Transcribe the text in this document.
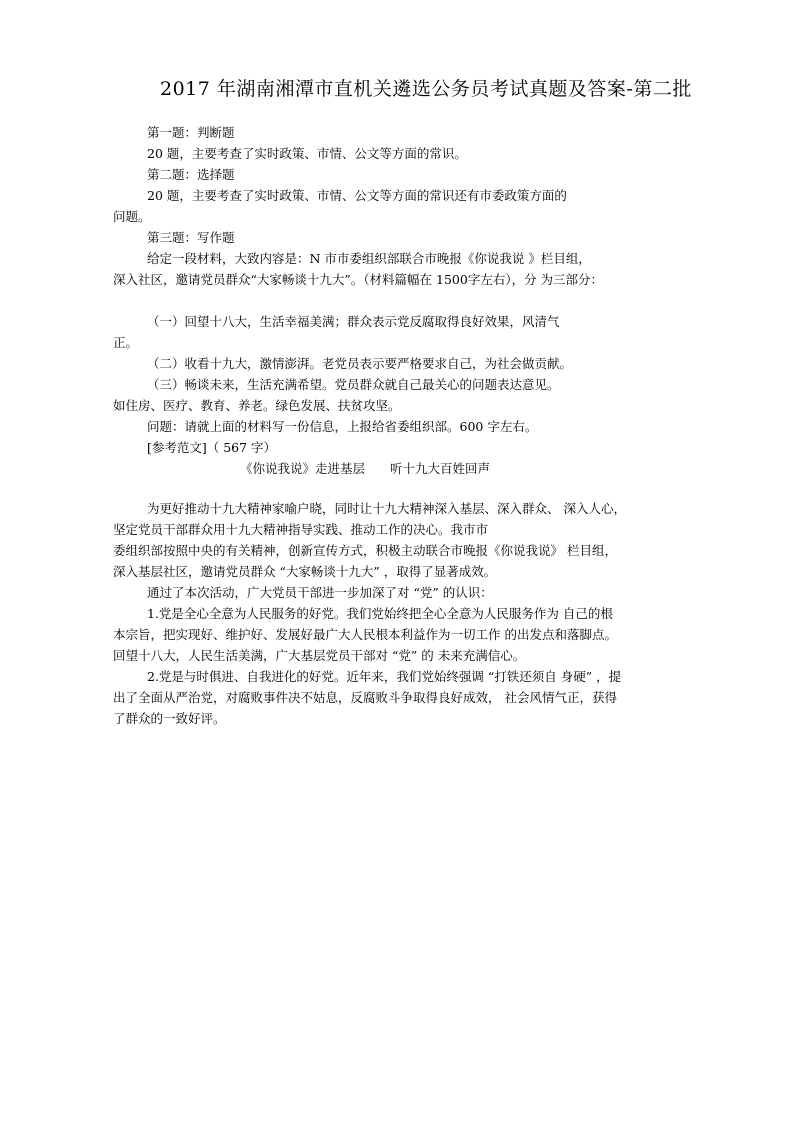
2017 年湖南湘潭市直机关遴选公务员考试真题及答案-第二批

第一题：判断题

20 题，主要考查了实时政策、市情、公文等方面的常识。

第二题：选择题

20 题，主要考查了实时政策、市情、公文等方面的常识还有市委政策方面的

问题。

第三题：写作题

给定一段材料，大致内容是：N 市市委组织部联合市晚报《你说我说 》栏目组，

深入社区，邀请党员群众“大家畅谈十九大”。（材料篇幅在 1500字左右），分 为三部分：

（一）回望十八大，生活幸福美满；群众表示党反腐取得良好效果，风清气

正。

（二）收看十九大，激情澎湃。老党员表示要严格要求自己，为社会做贡献。

（三）畅谈未来，生活充满希望。党员群众就自己最关心的问题表达意见。

如住房、医疗、教育、养老。绿色发展、扶贫攻坚。

问题：请就上面的材料写一份信息，上报给省委组织部。600 字左右。

[参考范文]（ 567 字）

《你说我说》走进基层　　听十九大百姓回声

为更好推动十九大精神家喻户晓，同时让十九大精神深入基层、深入群众、 深入人心，

坚定党员干部群众用十九大精神指导实践、推动工作的决心。我市市

委组织部按照中央的有关精神，创新宣传方式，积极主动联合市晚报《你说我说》 栏目组，

深入基层社区，邀请党员群众 “大家畅谈十九大” ，取得了显著成效。

通过了本次活动，广大党员干部进一步加深了对 “党” 的认识：

1.党是全心全意为人民服务的好党。我们党始终把全心全意为人民服务作为 自己的根

本宗旨，把实现好、维护好、发展好最广大人民根本利益作为一切工作 的出发点和落脚点。

回望十八大，人民生活美满，广大基层党员干部对 “党” 的 未来充满信心。

2.党是与时俱进、自我进化的好党。近年来，我们党始终强调 “打铁还须自 身硬” ，提

出了全面从严治党，对腐败事件决不姑息，反腐败斗争取得良好成效， 社会风情气正，获得

了群众的一致好评。
